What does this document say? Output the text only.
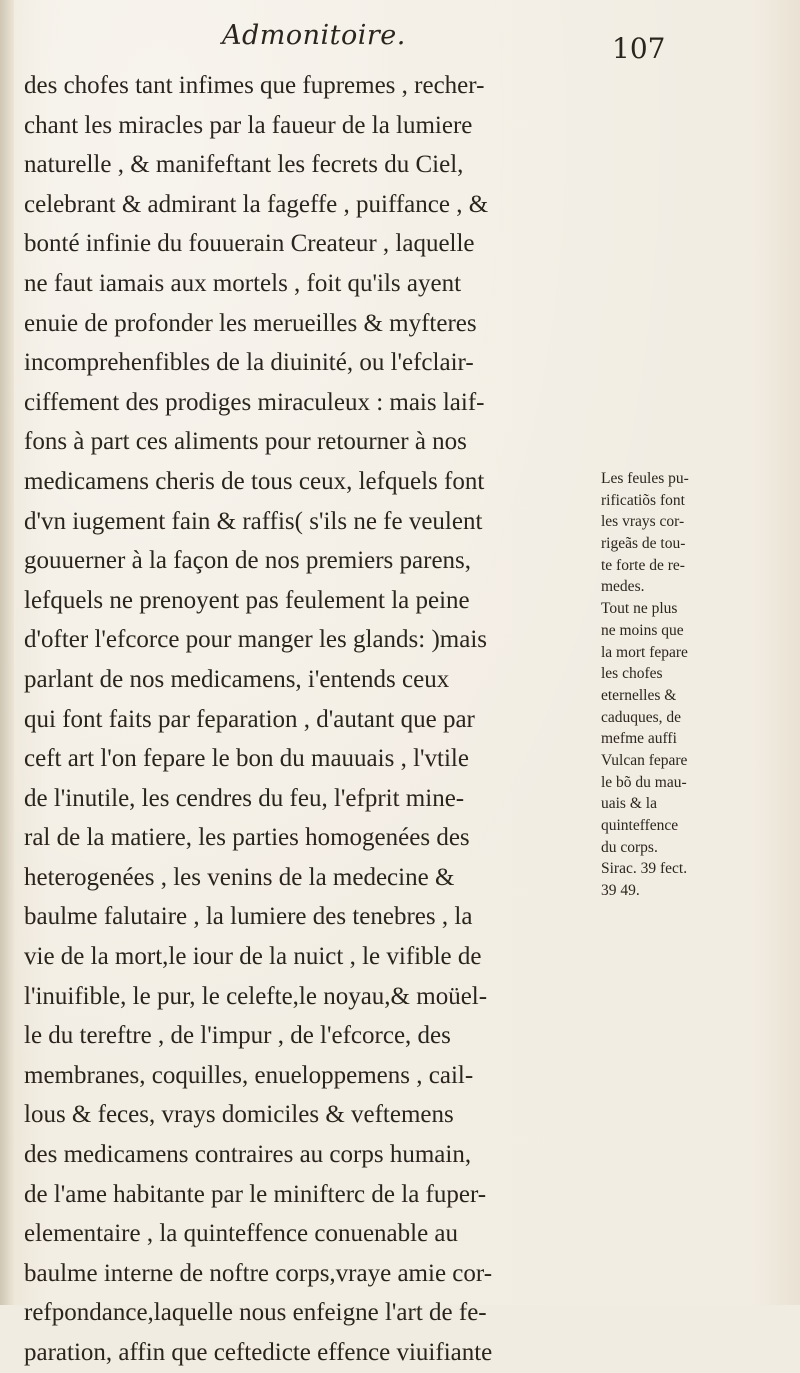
Admonitoire.	107
des chofes tant infimes que fupremes , recher-
chant les miracles par la faueur de la lumiere
naturelle , & manifeftant les fecrets du Ciel,
celebrant & admirant la fageffe , puiffance , &
bonté infinie du fouuerain Createur , laquelle
ne faut iamais aux mortels , foit qu'ils ayent
enuie de profonder les merueilles & myfteres
incomprehenfibles de la diuinité, ou l'efclair-
ciffement des prodiges miraculeux : mais laif-
fons à part ces aliments pour retourner à nos
medicamens cheris de tous ceux, lefquels font
d'vn iugement fain & raffis( s'ils ne fe veulent
gouuerner à la façon de nos premiers parens,
lefquels ne prenoyent pas feulement la peine
d'ofter l'efcorce pour manger les glands: )mais
parlant de nos medicamens, i'entends ceux
qui font faits par feparation , d'autant que par
ceft art l'on fepare le bon du mauuais , l'vtile
de l'inutile, les cendres du feu, l'efprit mine-
ral de la matiere, les parties homogenées des
heterogenées , les venins de la medecine &
baulme falutaire , la lumiere des tenebres , la
vie de la mort,le iour de la nuict , le vifible de
l'inuifible, le pur, le celefte,le noyau,& moüel-
le du tereftre , de l'impur , de l'efcorce, des
membranes, coquilles, enueloppemens , cail-
lous & feces, vrays domiciles & veftemens
des medicamens contraires au corps humain,
de l'ame habitante par le minifterc de la fuper-
elementaire , la quinteffence conuenable au
baulme interne de noftre corps,vraye amie cor-
refpondance,laquelle nous enfeigne l'art de fe-
paration, affin que ceftedicte effence viuifiante
Les feules pu-
rificatiõs font
les vrays cor-
rigeãs de tou-
te forte de re-
medes.
Tout ne plus
ne moins que
la mort fepare
les chofes
eternelles &
caduques, de
mefme auffi
Vulcan fepare
le bõ du mau-
uais & la
quinteffence
du corps.
Sirac. 39 fect.
39 49.
